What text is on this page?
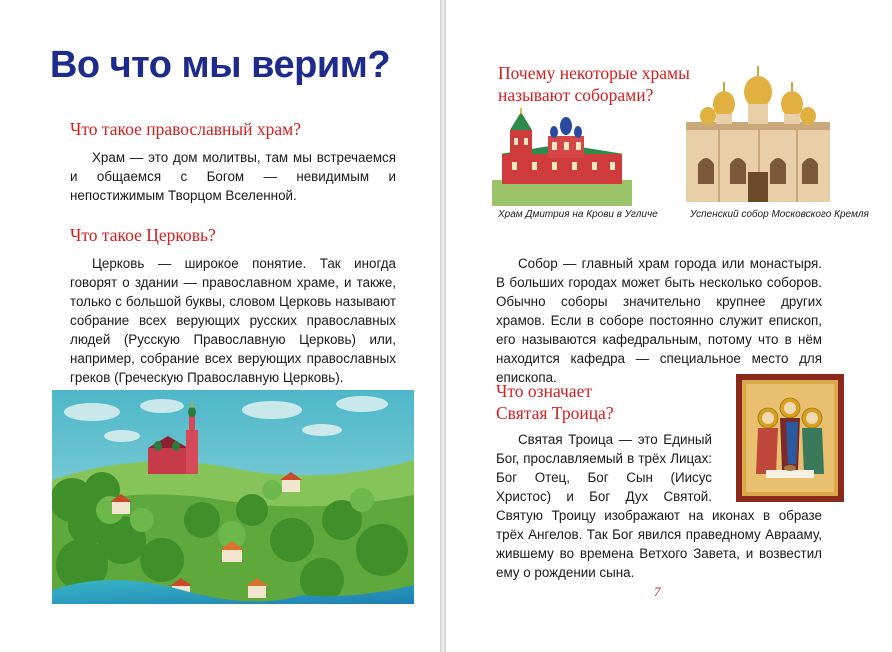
Во что мы верим?
Что такое православный храм?
Храм — это дом молитвы, там мы встречаемся и общаемся с Богом — невидимым и непостижимым Творцом Вселенной.
Что такое Церковь?
Церковь — широкое понятие. Так иногда говорят о здании — православном храме, и также, только с большой буквы, словом Церковь называют собрание всех верующих русских православных людей (Русскую Православную Церковь) или, например, собрание всех верующих православных греков (Греческую Православную Церковь).
Почему некоторые храмы называют соборами?
Храм Дмитрия на Крови в Угличе	Успенский собор Московского Кремля
Собор — главный храм города или монастыря. В больших городах может быть несколько соборов. Обычно соборы значительно крупнее других храмов. Если в соборе постоянно служит епископ, его называются кафедральным, потому что в нём находится кафедра — специальное место для епископа.
Что означает Святая Троица?
Святая Троица — это Единый Бог, прославляемый в трёх Лицах: Бог Отец, Бог Сын (Иисус Христос) и Бог Дух Святой. Святую Троицу изображают на иконах в образе трёх Ангелов. Так Бог явился праведному Аврааму, жившему во времена Ветхого Завета, и возвестил ему о рождении сына.
7
